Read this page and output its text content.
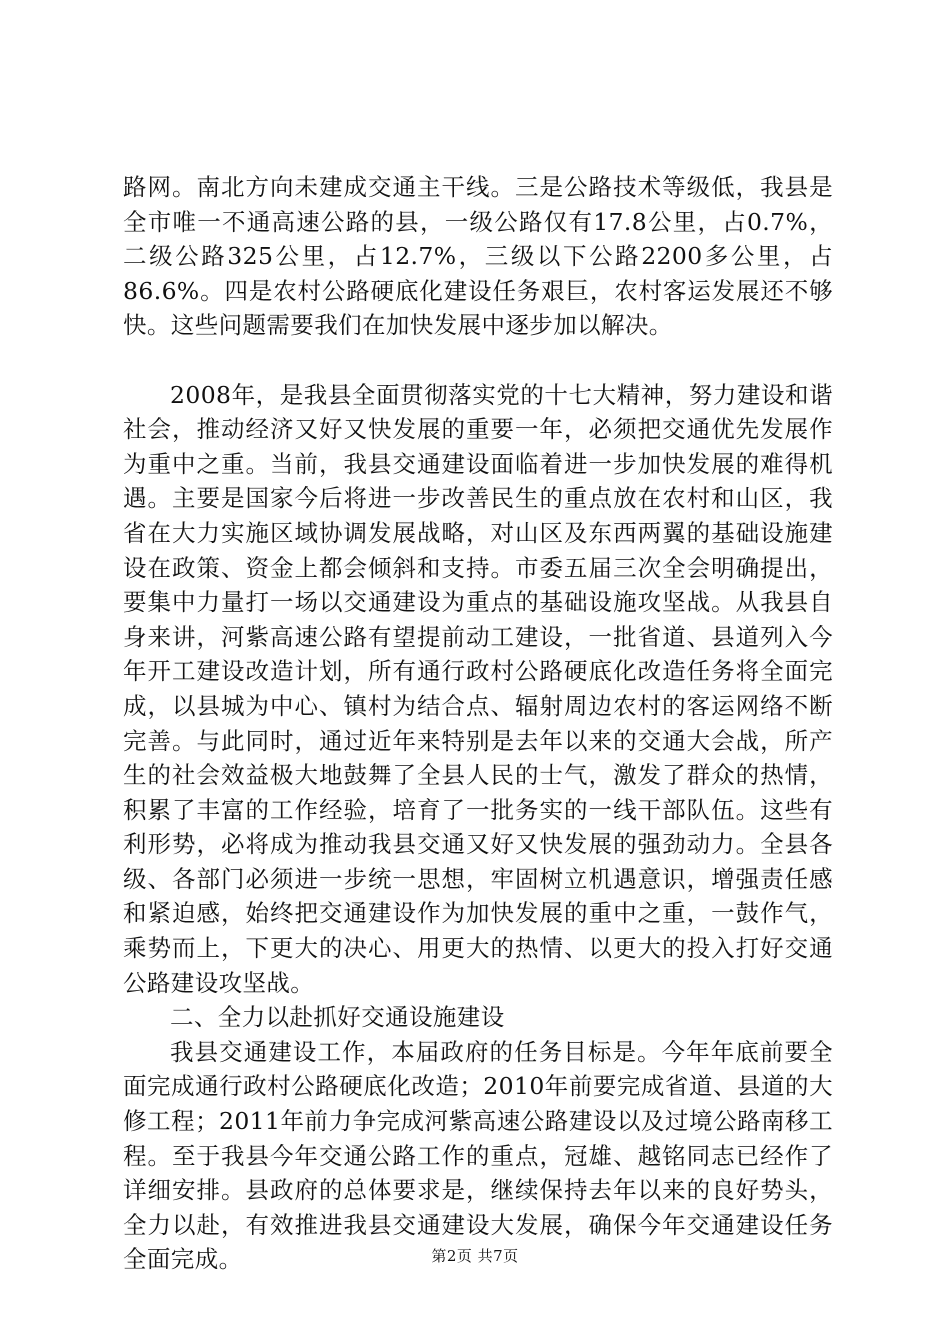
路网。南北方向未建成交通主干线。三是公路技术等级低，我县是全市唯一不通高速公路的县，一级公路仅有17.8公里，占0.7%，二级公路325公里，占12.7%，三级以下公路2200多公里，占86.6%。四是农村公路硬底化建设任务艰巨，农村客运发展还不够快。这些问题需要我们在加快发展中逐步加以解决。

2008年，是我县全面贯彻落实党的十七大精神，努力建设和谐社会，推动经济又好又快发展的重要一年，必须把交通优先发展作为重中之重。当前，我县交通建设面临着进一步加快发展的难得机遇。主要是国家今后将进一步改善民生的重点放在农村和山区，我省在大力实施区域协调发展战略，对山区及东西两翼的基础设施建设在政策、资金上都会倾斜和支持。市委五届三次全会明确提出，要集中力量打一场以交通建设为重点的基础设施攻坚战。从我县自身来讲，河紫高速公路有望提前动工建设，一批省道、县道列入今年开工建设改造计划，所有通行政村公路硬底化改造任务将全面完成，以县城为中心、镇村为结合点、辐射周边农村的客运网络不断完善。与此同时，通过近年来特别是去年以来的交通大会战，所产生的社会效益极大地鼓舞了全县人民的士气，激发了群众的热情，积累了丰富的工作经验，培育了一批务实的一线干部队伍。这些有利形势，必将成为推动我县交通又好又快发展的强劲动力。全县各级、各部门必须进一步统一思想，牢固树立机遇意识，增强责任感和紧迫感，始终把交通建设作为加快发展的重中之重，一鼓作气，乘势而上，下更大的决心、用更大的热情、以更大的投入打好交通公路建设攻坚战。

二、全力以赴抓好交通设施建设

我县交通建设工作，本届政府的任务目标是。今年年底前要全面完成通行政村公路硬底化改造；2010年前要完成省道、县道的大修工程；2011年前力争完成河紫高速公路建设以及过境公路南移工程。至于我县今年交通公路工作的重点，冠雄、越铭同志已经作了详细安排。县政府的总体要求是，继续保持去年以来的良好势头，全力以赴，有效推进我县交通建设大发展，确保今年交通建设任务全面完成。	第2页 共7页
